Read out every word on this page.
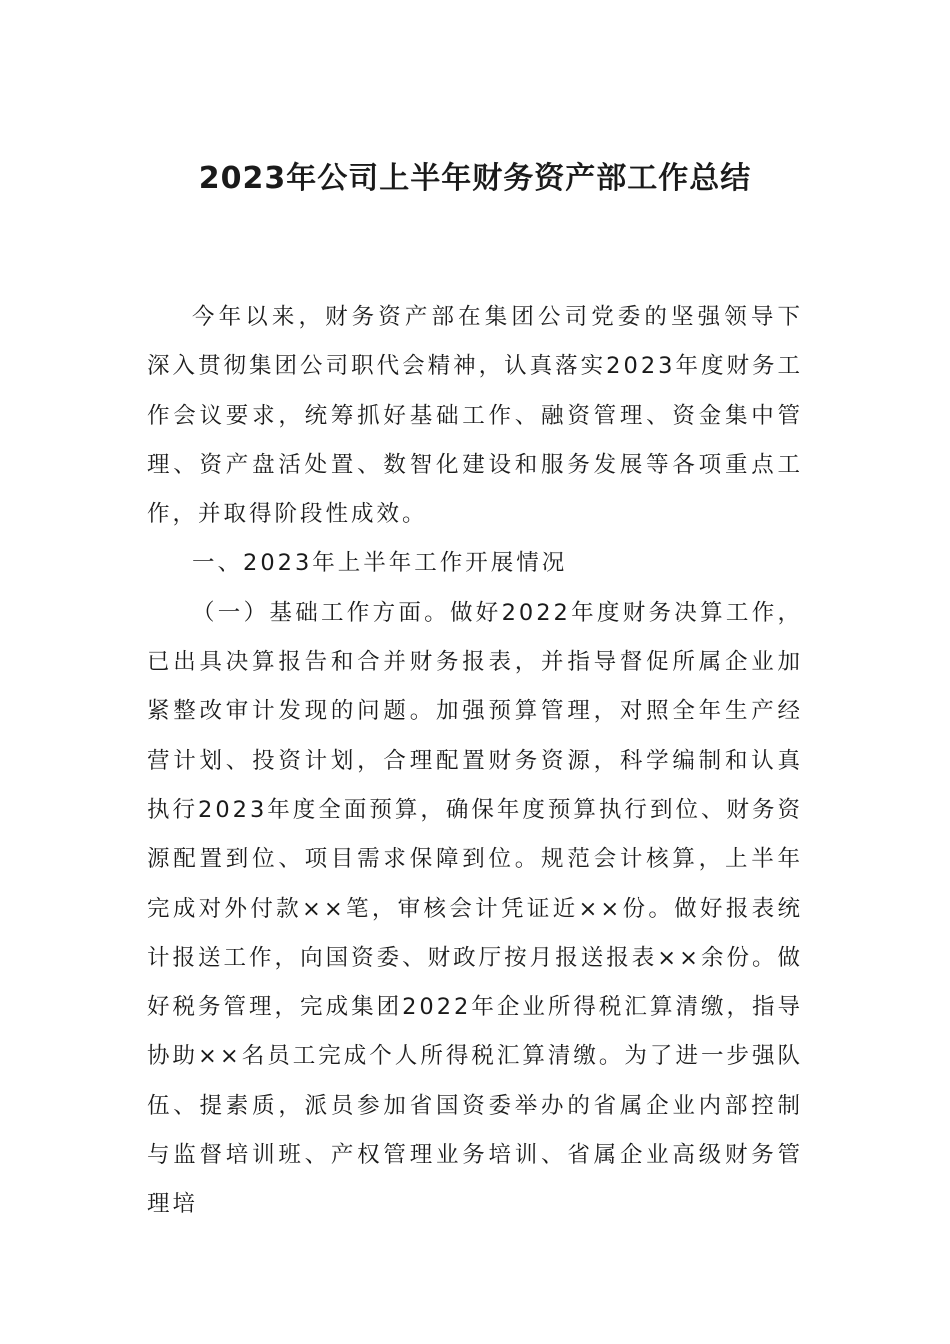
2023年公司上半年财务资产部工作总结

今年以来，财务资产部在集团公司党委的坚强领导下深入贯彻集团公司职代会精神，认真落实2023年度财务工作会议要求，统筹抓好基础工作、融资管理、资金集中管理、资产盘活处置、数智化建设和服务发展等各项重点工作，并取得阶段性成效。

一、2023年上半年工作开展情况

（一）基础工作方面。做好2022年度财务决算工作，已出具决算报告和合并财务报表，并指导督促所属企业加紧整改审计发现的问题。加强预算管理，对照全年生产经营计划、投资计划，合理配置财务资源，科学编制和认真执行2023年度全面预算，确保年度预算执行到位、财务资源配置到位、项目需求保障到位。规范会计核算，上半年完成对外付款××笔，审核会计凭证近××份。做好报表统计报送工作，向国资委、财政厅按月报送报表××余份。做好税务管理，完成集团2022年企业所得税汇算清缴，指导协助××名员工完成个人所得税汇算清缴。为了进一步强队伍、提素质，派员参加省国资委举办的省属企业内部控制与监督培训班、产权管理业务培训、省属企业高级财务管理培
